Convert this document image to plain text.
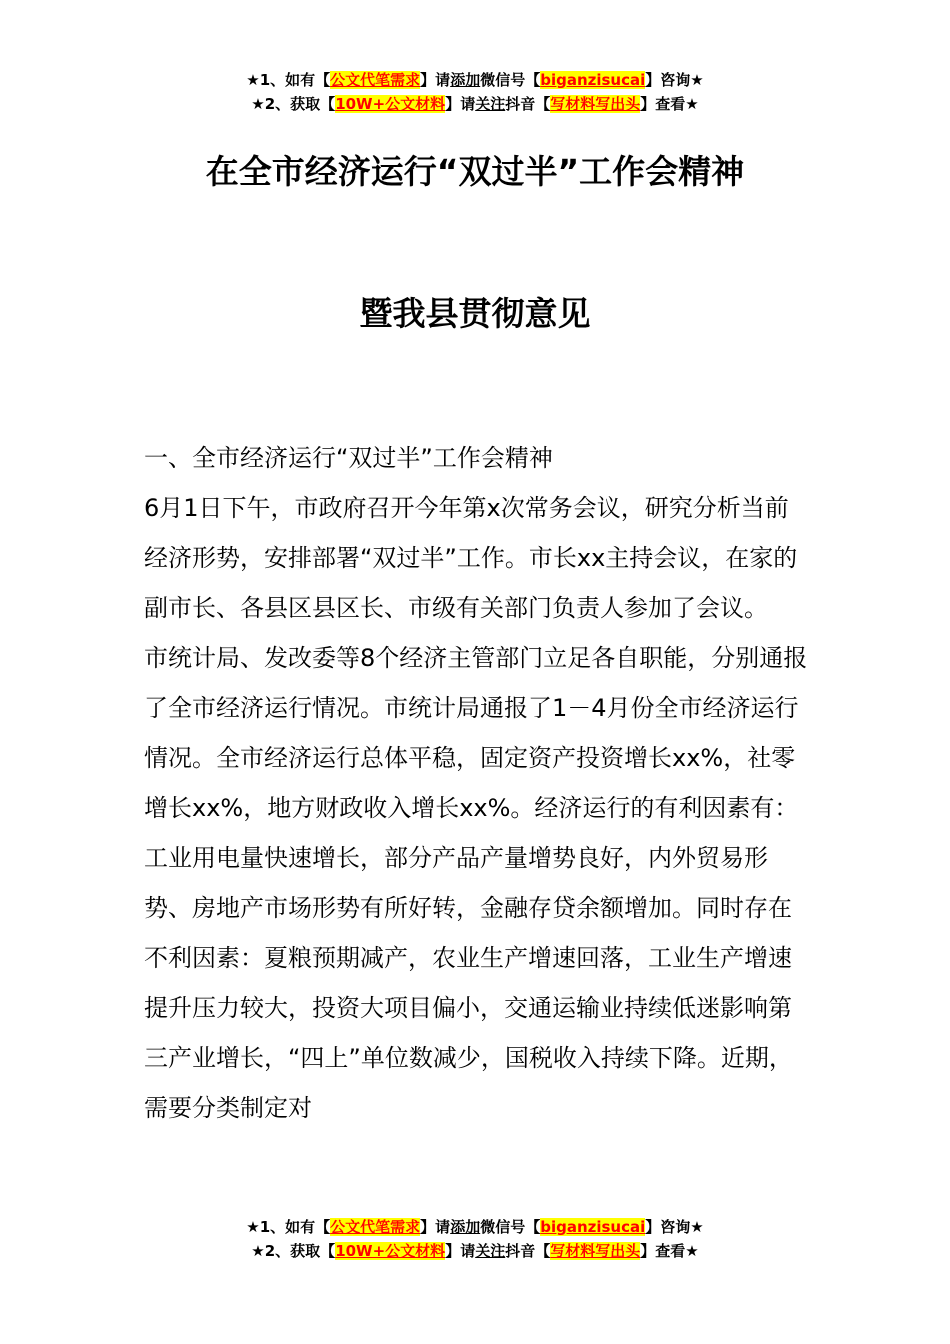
★1、如有【公文代笔需求】请添加微信号【biganzisucai】咨询★
★2、获取【10W+公文材料】请关注抖音【写材料写出头】查看★
在全市经济运行“双过半”工作会精神
暨我县贯彻意见

一、全市经济运行“双过半”工作会精神

6月1日下午，市政府召开今年第x次常务会议，研究分析当前经济形势，安排部署“双过半”工作。市长xx主持会议，在家的副市长、各县区县区长、市级有关部门负责人参加了会议。

市统计局、发改委等8个经济主管部门立足各自职能，分别通报了全市经济运行情况。市统计局通报了1－4月份全市经济运行情况。全市经济运行总体平稳，固定资产投资增长xx%，社零增长xx%，地方财政收入增长xx%。经济运行的有利因素有：工业用电量快速增长，部分产品产量增势良好，内外贸易形势、房地产市场形势有所好转，金融存贷余额增加。同时存在不利因素：夏粮预期减产，农业生产增速回落，工业生产增速提升压力较大，投资大项目偏小，交通运输业持续低迷影响第三产业增长，“四上”单位数减少，国税收入持续下降。近期，需要分类制定对

★1、如有【公文代笔需求】请添加微信号【biganzisucai】咨询★
★2、获取【10W+公文材料】请关注抖音【写材料写出头】查看★
